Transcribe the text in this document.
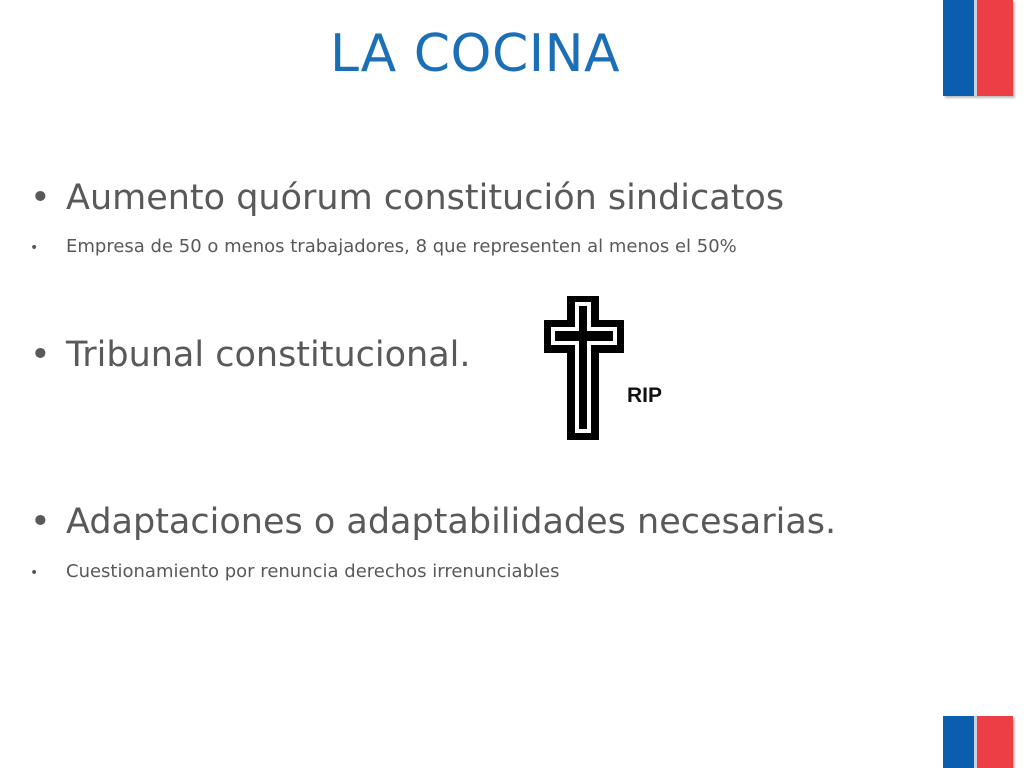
LA COCINA
• Aumento quórum constitución sindicatos
• Empresa de 50 o menos trabajadores, 8 que representen al menos el 50%
• Tribunal constitucional.
RIP
• Adaptaciones o adaptabilidades necesarias.
• Cuestionamiento por renuncia derechos irrenunciables
